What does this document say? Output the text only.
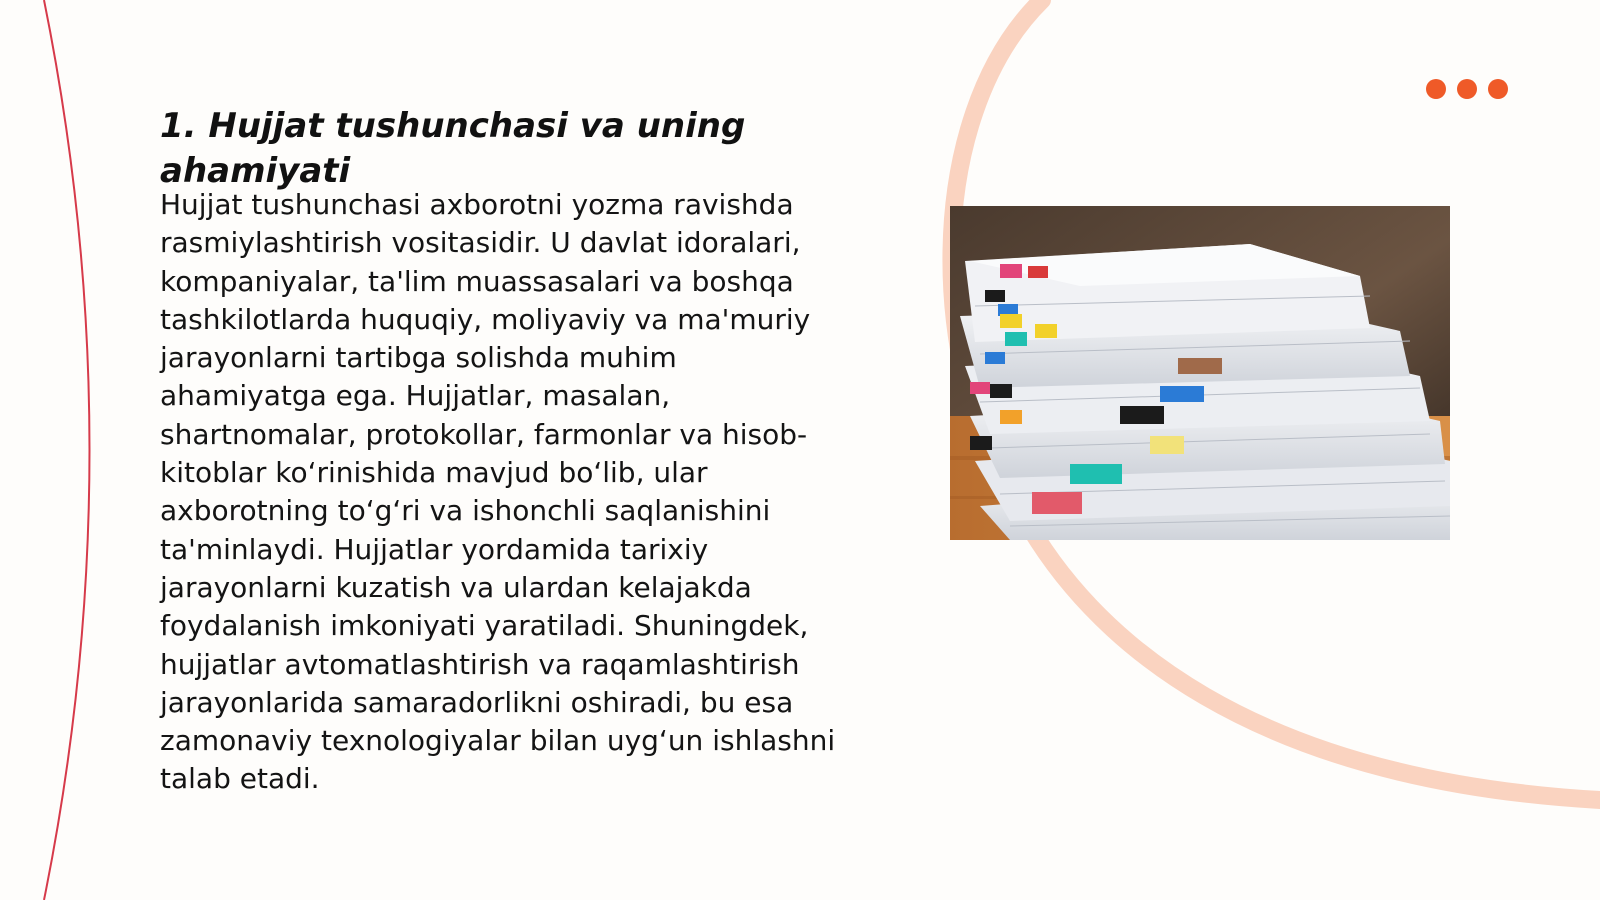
1. Hujjat tushunchasi va uning ahamiyati

Hujjat tushunchasi axborotni yozma ravishda rasmiylashtirish vositasidir. U davlat idoralari, kompaniyalar, ta'lim muassasalari va boshqa tashkilotlarda huquqiy, moliyaviy va ma'muriy jarayonlarni tartibga solishda muhim ahamiyatga ega. Hujjatlar, masalan, shartnomalar, protokollar, farmonlar va hisob-kitoblar ko‘rinishida mavjud bo‘lib, ular axborotning to‘g‘ri va ishonchli saqlanishini ta'minlaydi. Hujjatlar yordamida tarixiy jarayonlarni kuzatish va ulardan kelajakda foydalanish imkoniyati yaratiladi. Shuningdek, hujjatlar avtomatlashtirish va raqamlashtirish jarayonlarida samaradorlikni oshiradi, bu esa zamonaviy texnologiyalar bilan uyg‘un ishlashni talab etadi.
